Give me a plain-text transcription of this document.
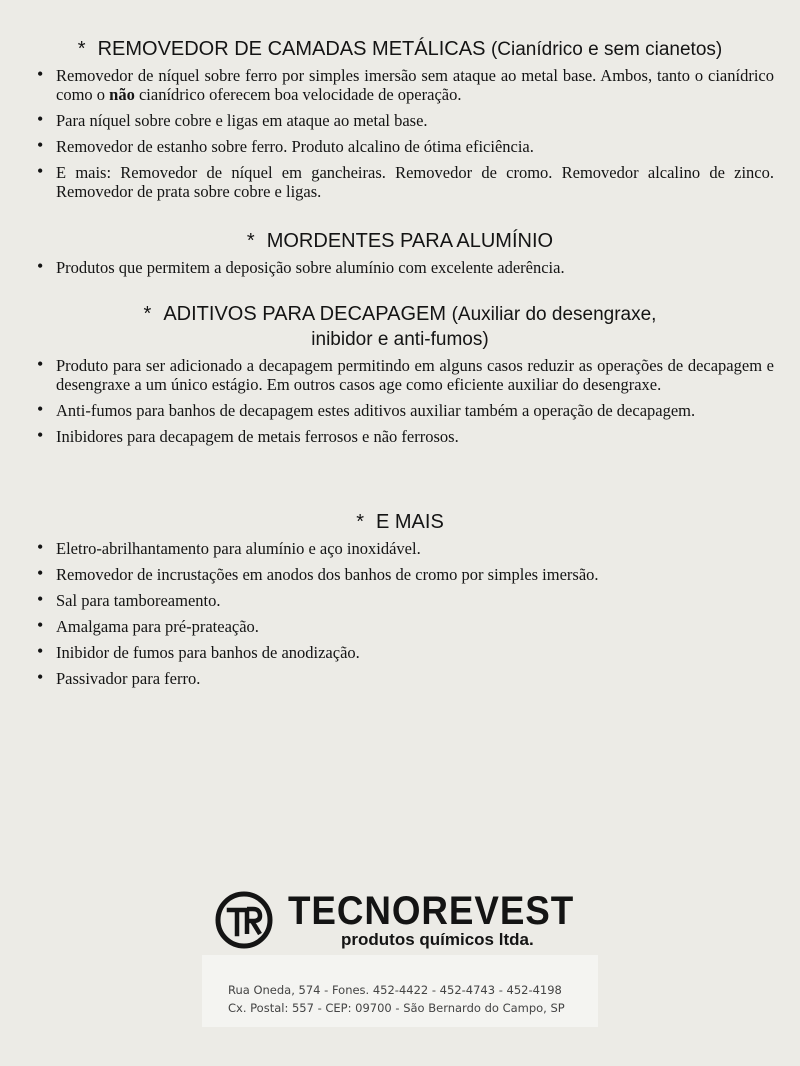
* REMOVEDOR DE CAMADAS METÁLICAS (Cianídrico e sem cianetos)
• Removedor de níquel sobre ferro por simples imersão sem ataque ao metal base. Ambos, tanto o cianídrico como o não cianídrico oferecem boa velocidade de operação.
• Para níquel sobre cobre e ligas em ataque ao metal base.
• Removedor de estanho sobre ferro. Produto alcalino de ótima eficiência.
• E mais: Removedor de níquel em gancheiras. Removedor de cromo. Removedor alcalino de zinco. Removedor de prata sobre cobre e ligas.
* MORDENTES PARA ALUMÍNIO
• Produtos que permitem a deposição sobre alumínio com excelente aderência.
* ADITIVOS PARA DECAPAGEM (Auxiliar do desengraxe, inibidor e anti-fumos)
• Produto para ser adicionado a decapagem permitindo em alguns casos reduzir as operações de decapagem e desengraxe a um único estágio. Em outros casos age como eficiente auxiliar do desengraxe.
• Anti-fumos para banhos de decapagem estes aditivos auxiliar também a operação de decapagem.
• Inibidores para decapagem de metais ferrosos e não ferrosos.
* E MAIS
• Eletro-abrilhantamento para alumínio e aço inoxidável.
• Removedor de incrustações em anodos dos banhos de cromo por simples imersão.
• Sal para tamboreamento.
• Amalgama para pré-prateação.
• Inibidor de fumos para banhos de anodização.
• Passivador para ferro.
TECNOREVEST
produtos químicos ltda.
Rua Oneda, 574 - Fones. 452-4422 - 452-4743 - 452-4198
Cx. Postal: 557 - CEP: 09700 - São Bernardo do Campo, SP
